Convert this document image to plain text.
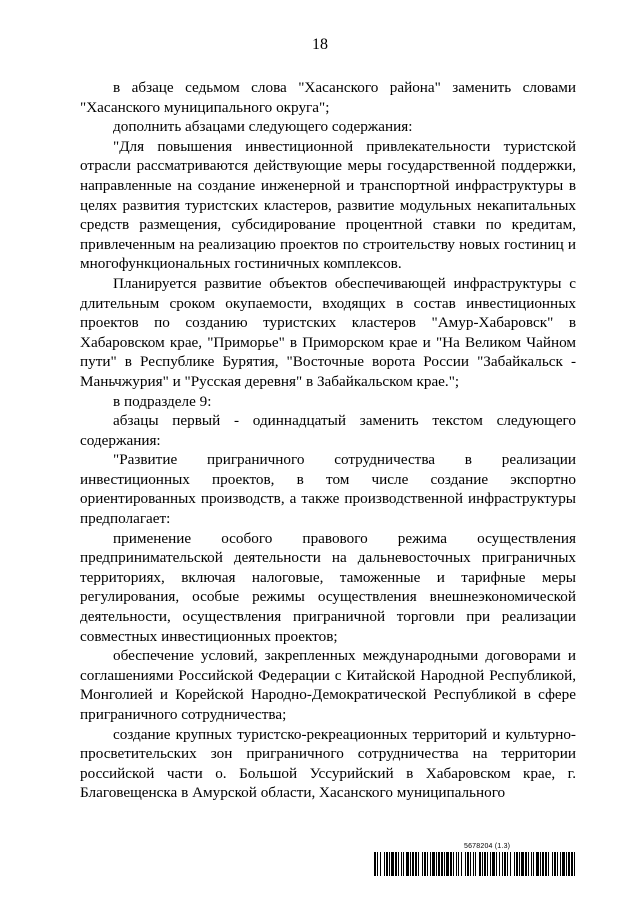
18

в абзаце седьмом слова "Хасанского района" заменить словами "Хасанского муниципального округа";

дополнить абзацами следующего содержания:

"Для повышения инвестиционной привлекательности туристской отрасли рассматриваются действующие меры государственной поддержки, направленные на создание инженерной и транспортной инфраструктуры в целях развития туристских кластеров, развитие модульных некапитальных средств размещения, субсидирование процентной ставки по кредитам, привлеченным на реализацию проектов по строительству новых гостиниц и многофункциональных гостиничных комплексов.

Планируется развитие объектов обеспечивающей инфраструктуры с длительным сроком окупаемости, входящих в состав инвестиционных проектов по созданию туристских кластеров "Амур-Хабаровск" в Хабаровском крае, "Приморье" в Приморском крае и "На Великом Чайном пути" в Республике Бурятия, "Восточные ворота России "Забайкальск - Маньчжурия" и "Русская деревня" в Забайкальском крае.";

в подразделе 9:

абзацы первый - одиннадцатый заменить текстом следующего содержания:

"Развитие приграничного сотрудничества в реализации инвестиционных проектов, в том числе создание экспортно ориентированных производств, а также производственной инфраструктуры предполагает:

применение особого правового режима осуществления предпринимательской деятельности на дальневосточных приграничных территориях, включая налоговые, таможенные и тарифные меры регулирования, особые режимы осуществления внешнеэкономической деятельности, осуществления приграничной торговли при реализации совместных инвестиционных проектов;

обеспечение условий, закрепленных международными договорами и соглашениями Российской Федерации с Китайской Народной Республикой, Монголией и Корейской Народно-Демократической Республикой в сфере приграничного сотрудничества;

создание крупных туристско-рекреационных территорий и культурно-просветительских зон приграничного сотрудничества на территории российской части о. Большой Уссурийский в Хабаровском крае, г. Благовещенска в Амурской области, Хасанского муниципального

5678204 (1.3)
